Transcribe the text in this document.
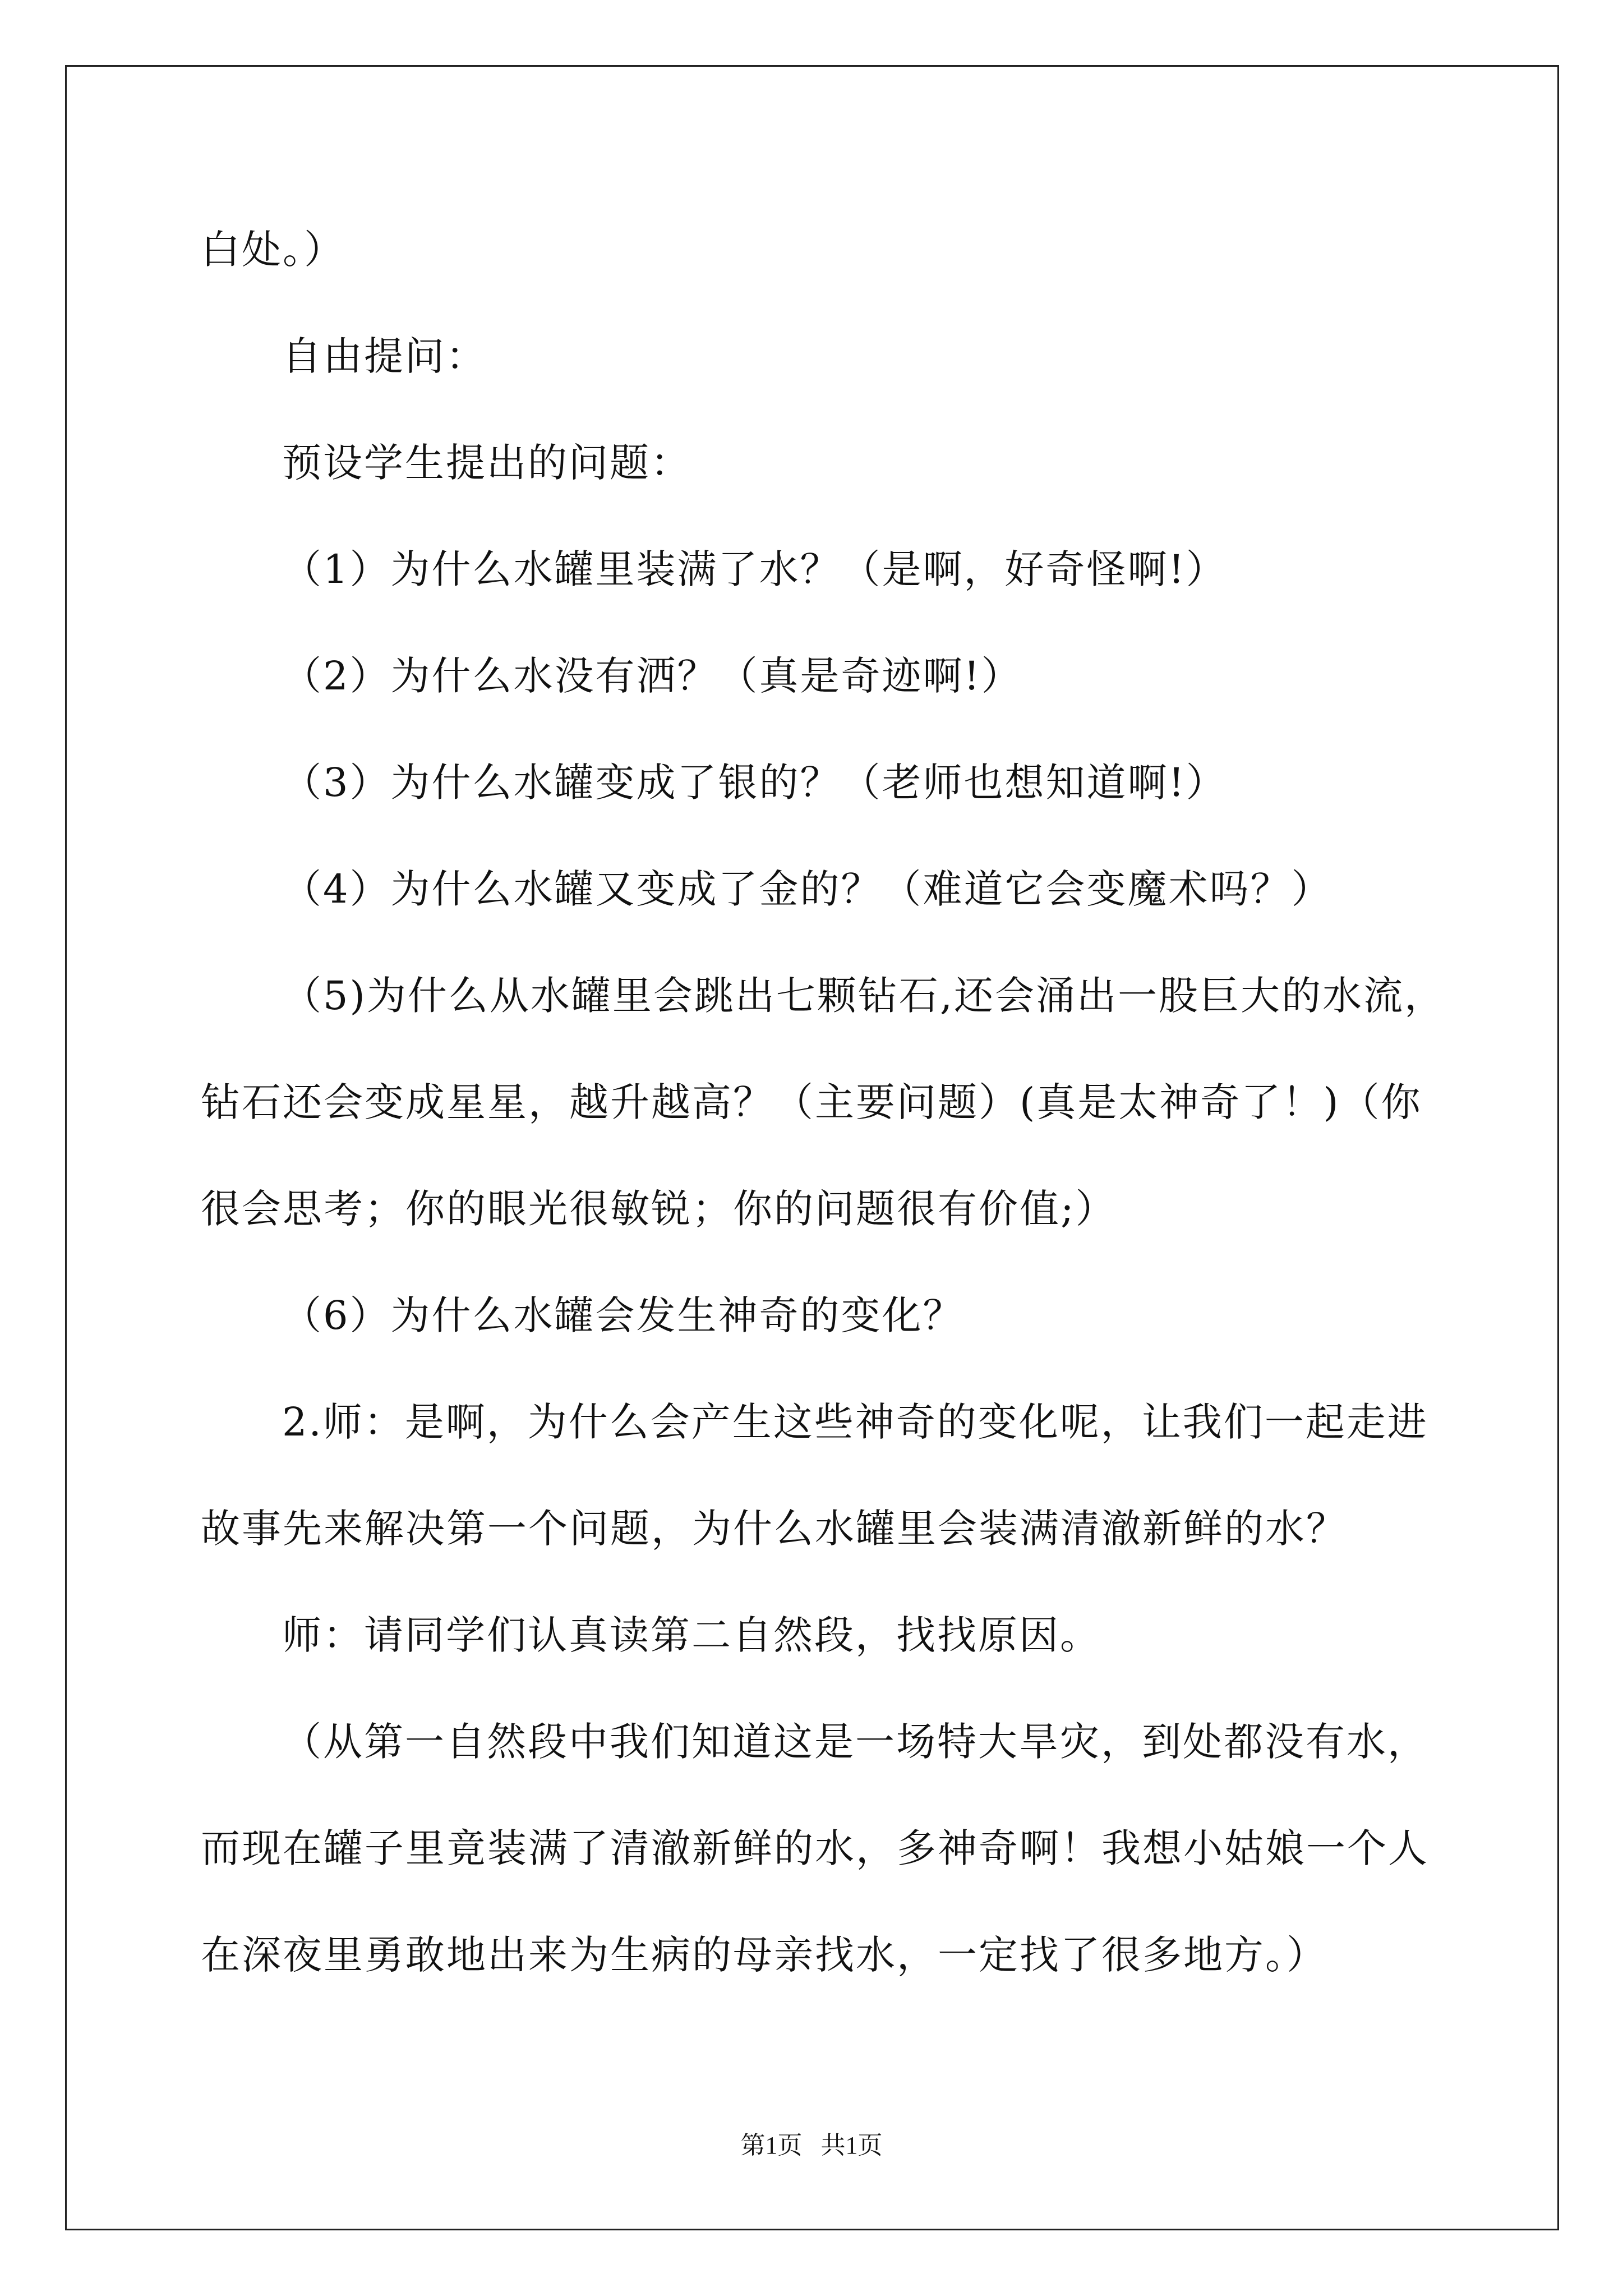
白处。）
自由提问：
预设学生提出的问题：
（1）为什么水罐里装满了水？（是啊，好奇怪啊!）
（2）为什么水没有洒？（真是奇迹啊!）
（3）为什么水罐变成了银的？（老师也想知道啊!）
（4）为什么水罐又变成了金的？（难道它会变魔术吗？）
（5)为什么从水罐里会跳出七颗钻石,还会涌出一股巨大的水流，
钻石还会变成星星，越升越高？（主要问题）(真是太神奇了！)（你
很会思考；你的眼光很敏锐；你的问题很有价值;）
（6）为什么水罐会发生神奇的变化？
2.师：是啊，为什么会产生这些神奇的变化呢，让我们一起走进
故事先来解决第一个问题，为什么水罐里会装满清澈新鲜的水？
师：请同学们认真读第二自然段，找找原因。
（从第一自然段中我们知道这是一场特大旱灾，到处都没有水，
而现在罐子里竟装满了清澈新鲜的水，多神奇啊！我想小姑娘一个人
在深夜里勇敢地出来为生病的母亲找水，一定找了很多地方。）
第1页   共1页
